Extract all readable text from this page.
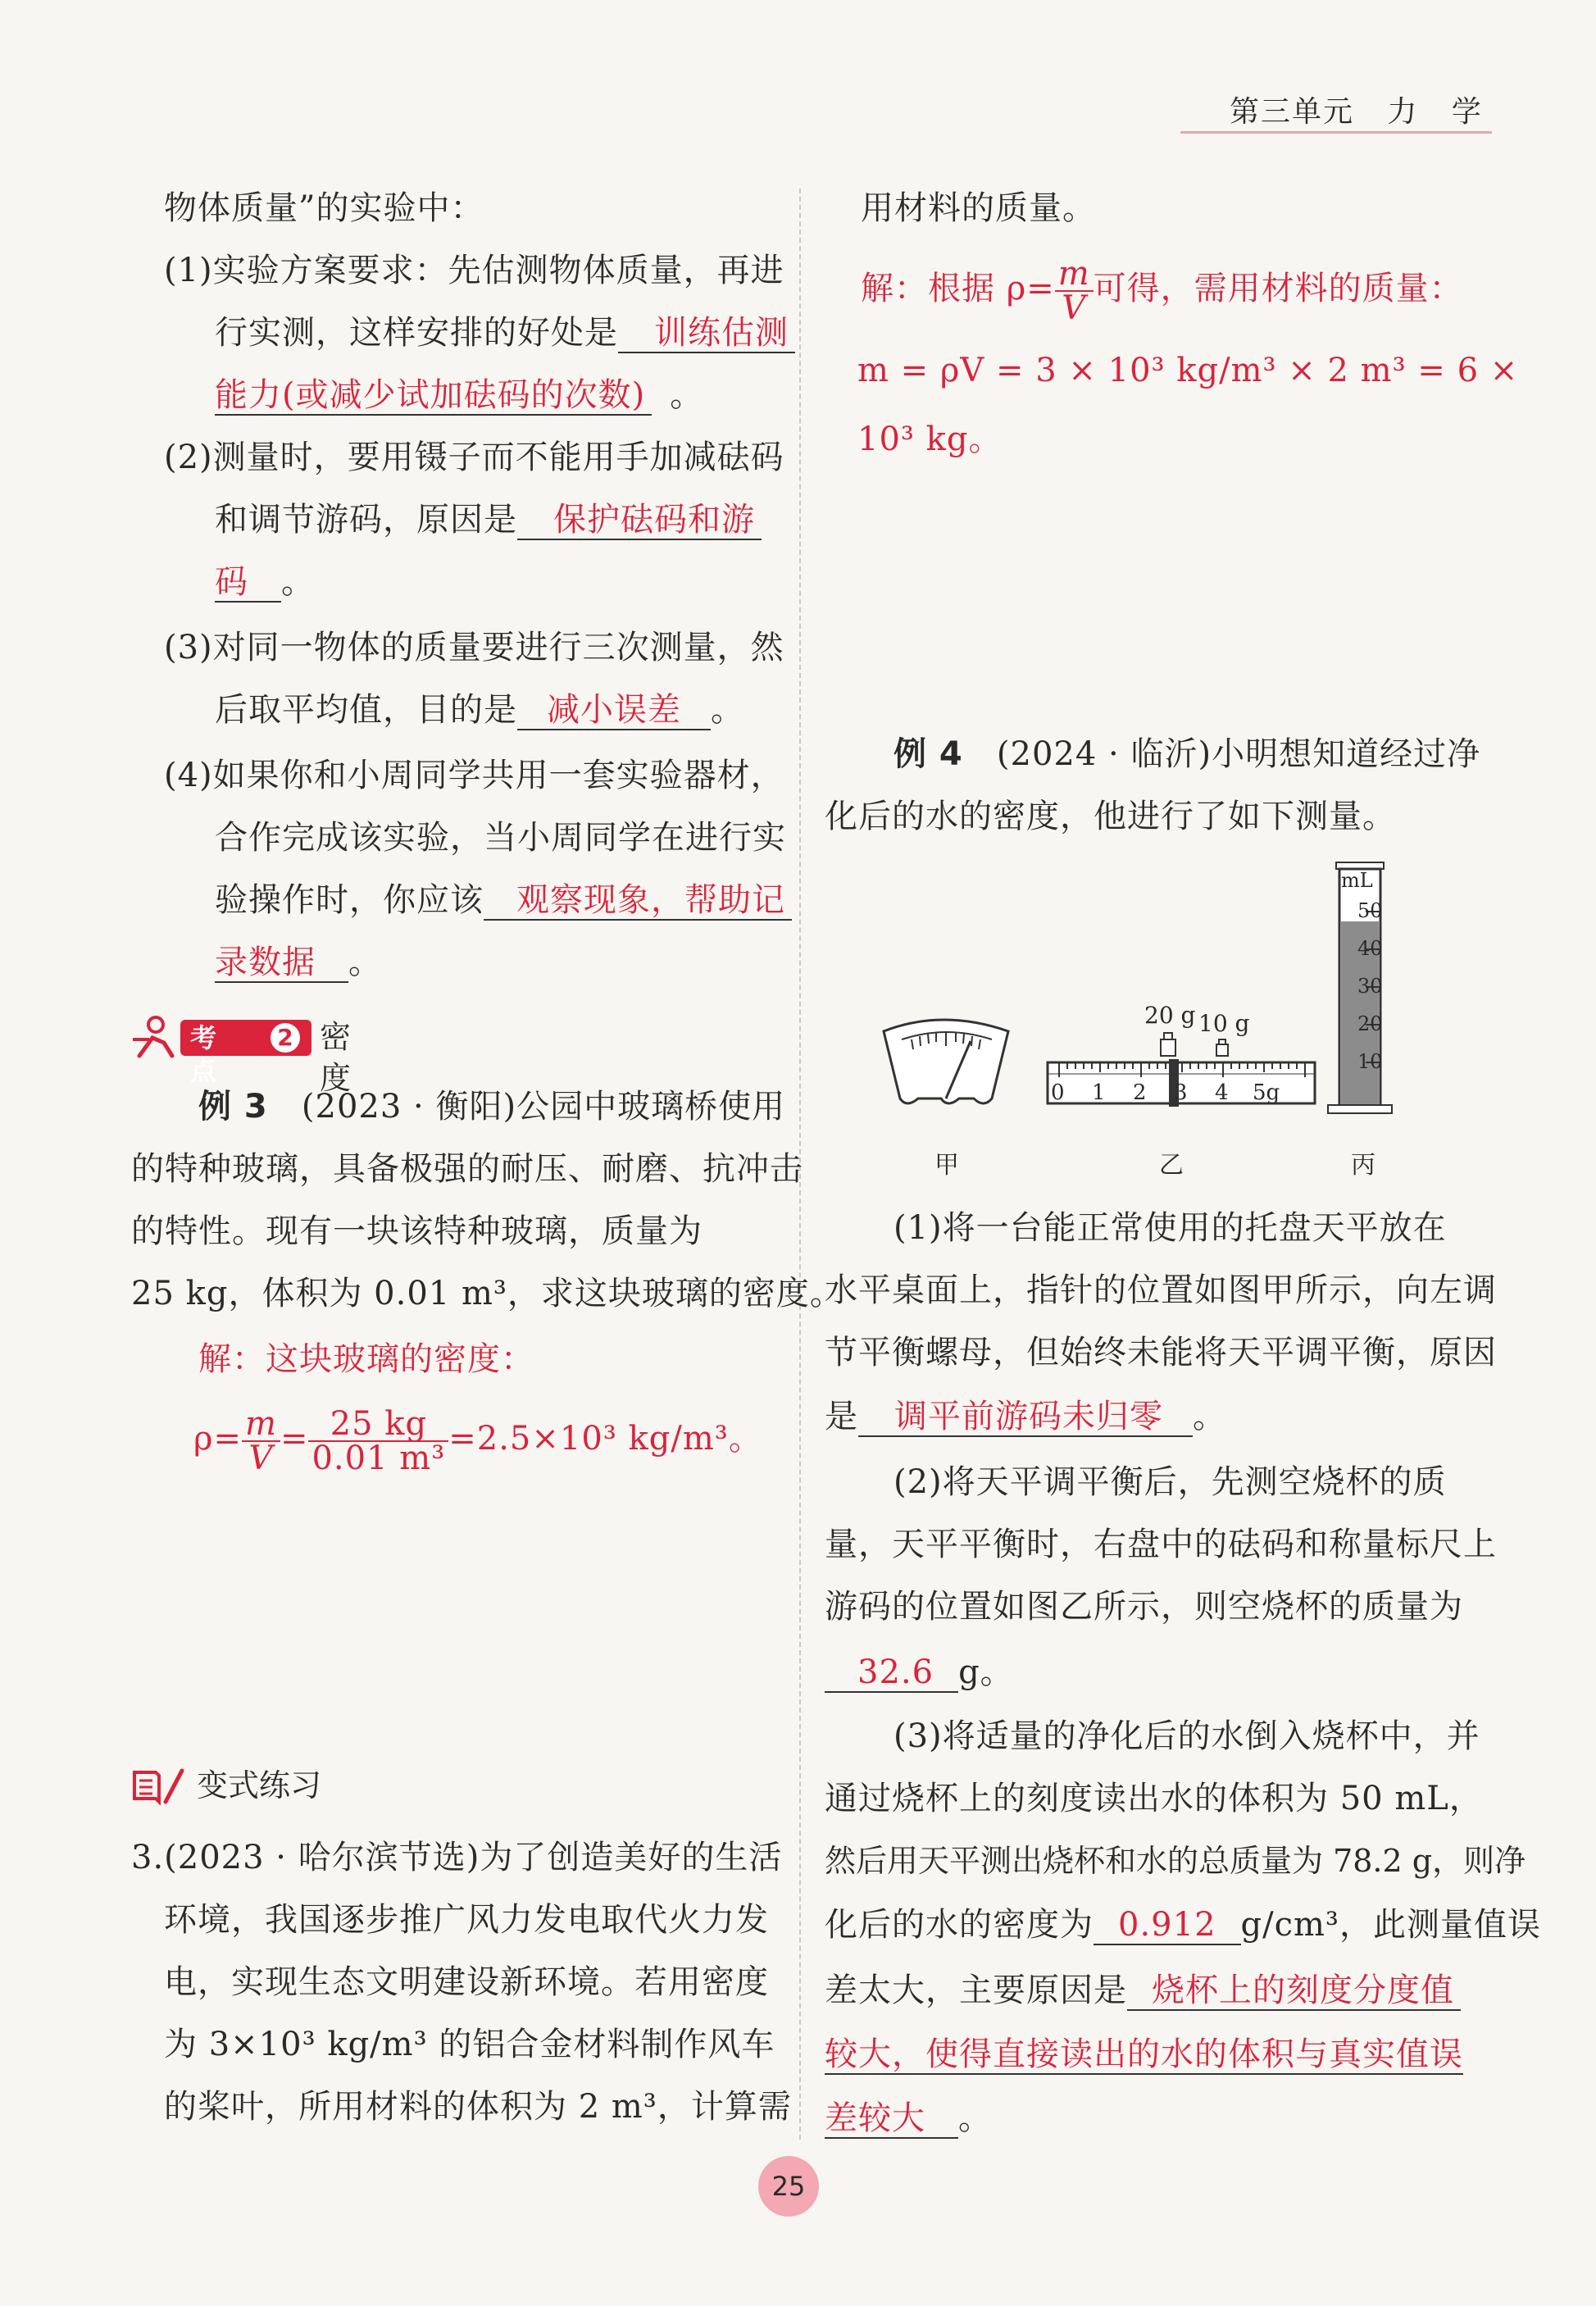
第三单元 力 学
物体质量”的实验中：
(1)实验方案要求：先估测物体质量，再进
行实测，这样安排的好处是 训练估测
能力(或减少试加砝码的次数) 。
(2)测量时，要用镊子而不能用手加减砝码
和调节游码，原因是 保护砝码和游
码 。
(3)对同一物体的质量要进行三次测量，然
后取平均值，目的是 减小误差 。
(4)如果你和小周同学共用一套实验器材，
合作完成该实验，当小周同学在进行实
验操作时，你应该 观察现象，帮助记
录数据 。
考点
2 密度
例 3 (2023 · 衡阳)公园中玻璃桥使用
的特种玻璃，具备极强的耐压、耐磨、抗冲击
的特性。现有一块该特种玻璃，质量为
25 kg，体积为 0.01 m³，求这块玻璃的密度。
解：这块玻璃的密度：
$\rho= \frac{m}{V} = \frac{25 kg}{\text{0.01 m³}} =2.5\times 10^3$ kg/m³。
变式练习
3.(2023 · 哈尔滨节选)为了创造美好的生活
环境，我国逐步推广风力发电取代火力发
电，实现生态文明建设新环境。若用密度
为 3×10³ kg/m³ 的铝合金材料制作风车
的桨叶，所用材料的体积为 2 m³，计算需
用材料的质量。
解：根据 $\rho= \frac{m}{V}$ 可得，需用材料的质量：
m = ρV = 3 × 10³ kg/m³ × 2 m³ = 6 ×
10³ kg。
例 4 (2024 · 临沂)小明想知道经过净
化后的水的密度，他进行了如下测量。
20 g 10 g
0 1 2 3 4 5g
mL
50
40
30
20
10
甲	乙	丙
(1)将一台能正常使用的托盘天平放在
水平桌面上，指针的位置如图甲所示，向左调
节平衡螺母，但始终未能将天平调平衡，原因
是 调平前游码未归零 。
(2)将天平调平衡后，先测空烧杯的质
量，天平平衡时，右盘中的砝码和称量标尺上
游码的位置如图乙所示，则空烧杯的质量为
32.6 g。
(3)将适量的净化后的水倒入烧杯中，并
通过烧杯上的刻度读出水的体积为 50 mL，
然后用天平测出烧杯和水的总质量为 78.2 g，则净
化后的水的密度为 0.912 g/cm³，此测量值误
差太大，主要原因是 烧杯上的刻度分度值
较大，使得直接读出的水的体积与真实值误
差较大 。
25
